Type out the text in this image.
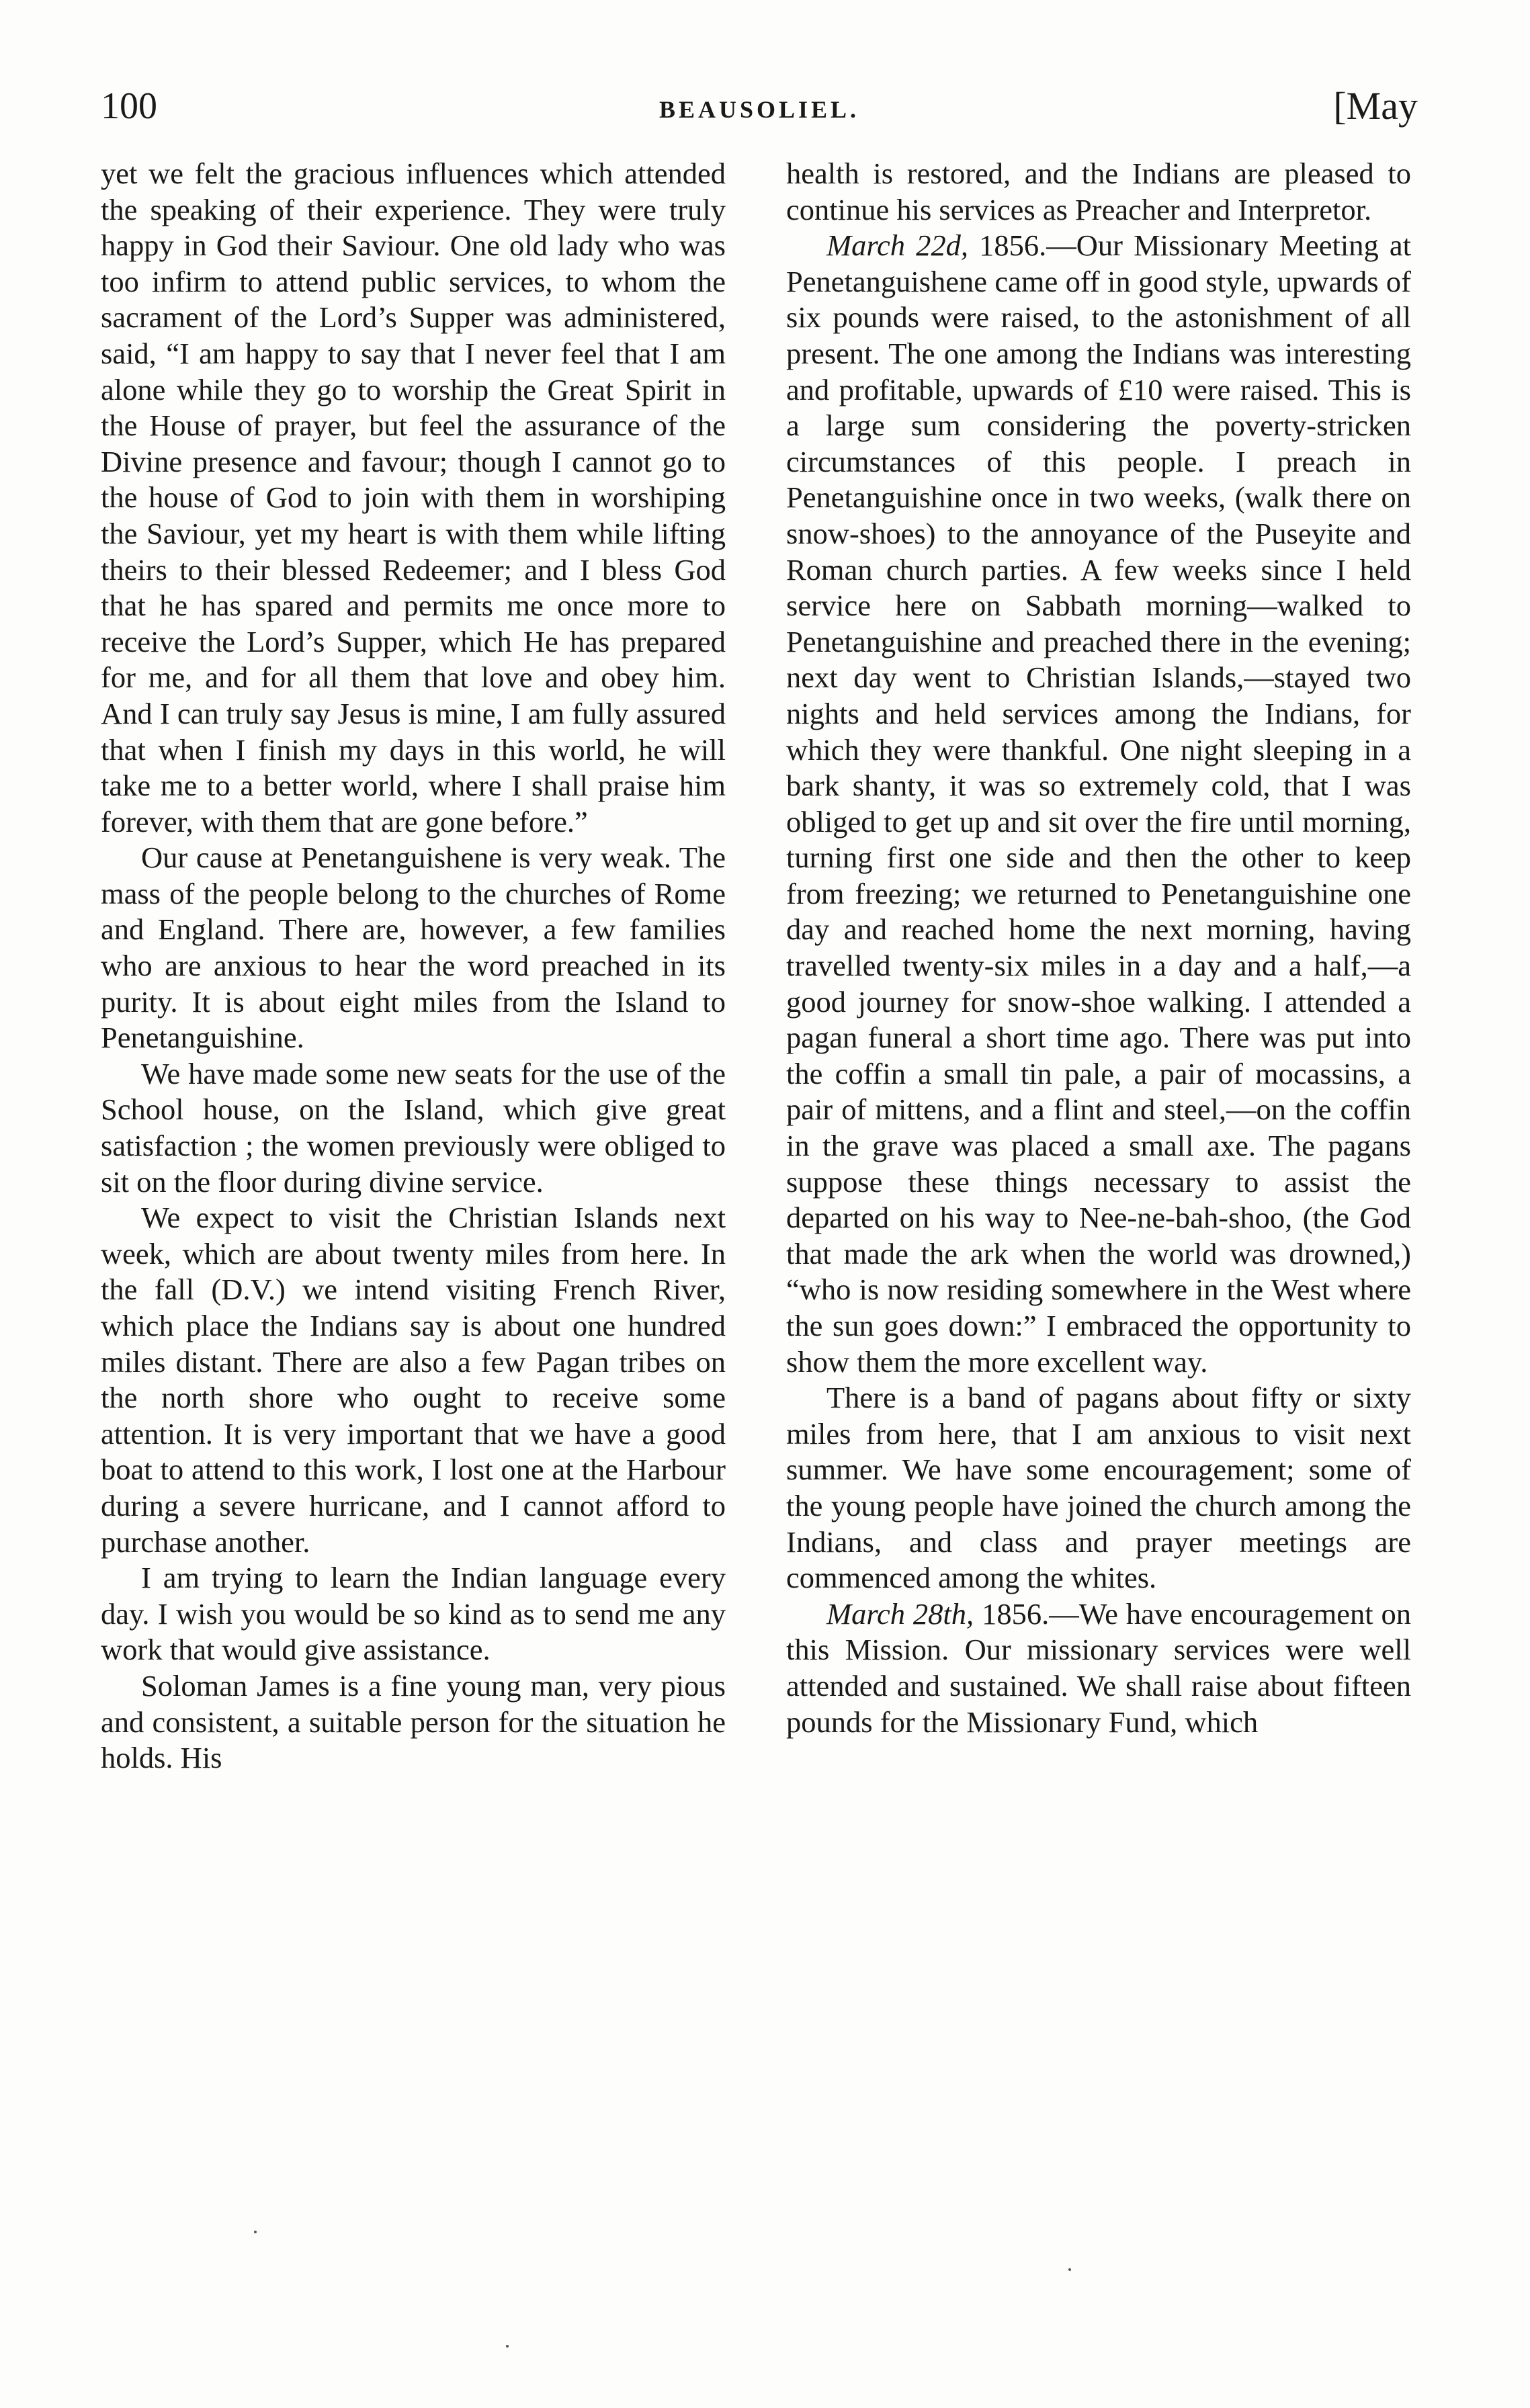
100	BEAUSOLIEL.	[May

yet we felt the gracious influences which attended the speaking of their experience. They were truly happy in God their Saviour. One old lady who was too infirm to attend public services, to whom the sacrament of the Lord’s Supper was administered, said, “I am happy to say that I never feel that I am alone while they go to worship the Great Spirit in the House of prayer, but feel the assurance of the Divine presence and favour; though I cannot go to the house of God to join with them in worshiping the Saviour, yet my heart is with them while lifting theirs to their blessed Redeemer; and I bless God that he has spared and permits me once more to receive the Lord’s Supper, which He has prepared for me, and for all them that love and obey him. And I can truly say Jesus is mine, I am fully assured that when I finish my days in this world, he will take me to a better world, where I shall praise him forever, with them that are gone before.”

Our cause at Penetanguishene is very weak. The mass of the people belong to the churches of Rome and England. There are, however, a few families who are anxious to hear the word preached in its purity. It is about eight miles from the Island to Penetanguishine.

We have made some new seats for the use of the School house, on the Island, which give great satisfaction ; the women previously were obliged to sit on the floor during divine service.

We expect to visit the Christian Islands next week, which are about twenty miles from here. In the fall (D.V.) we intend visiting French River, which place the Indians say is about one hundred miles distant. There are also a few Pagan tribes on the north shore who ought to receive some attention. It is very important that we have a good boat to attend to this work, I lost one at the Harbour during a severe hurricane, and I cannot afford to purchase another.

I am trying to learn the Indian language every day. I wish you would be so kind as to send me any work that would give assistance.

Soloman James is a fine young man, very pious and consistent, a suitable person for the situation he holds. His

health is restored, and the Indians are pleased to continue his services as Preacher and Interpretor.

March 22d, 1856.—Our Missionary Meeting at Penetanguishene came off in good style, upwards of six pounds were raised, to the astonishment of all present. The one among the Indians was interesting and profitable, upwards of £10 were raised. This is a large sum considering the poverty-stricken circumstances of this people. I preach in Penetanguishine once in two weeks, (walk there on snow-shoes) to the annoyance of the Puseyite and Roman church parties. A few weeks since I held service here on Sabbath morning—walked to Penetanguishine and preached there in the evening; next day went to Christian Islands,—stayed two nights and held services among the Indians, for which they were thankful. One night sleeping in a bark shanty, it was so extremely cold, that I was obliged to get up and sit over the fire until morning, turning first one side and then the other to keep from freezing; we returned to Penetanguishine one day and reached home the next morning, having travelled twenty-six miles in a day and a half,—a good journey for snow-shoe walking. I attended a pagan funeral a short time ago. There was put into the coffin a small tin pale, a pair of mocassins, a pair of mittens, and a flint and steel,—on the coffin in the grave was placed a small axe. The pagans suppose these things necessary to assist the departed on his way to Nee-ne-bah-shoo, (the God that made the ark when the world was drowned,) “who is now residing somewhere in the West where the sun goes down:” I embraced the opportunity to show them the more excellent way.

There is a band of pagans about fifty or sixty miles from here, that I am anxious to visit next summer. We have some encouragement; some of the young people have joined the church among the Indians, and class and prayer meetings are commenced among the whites.

March 28th, 1856.—We have encouragement on this Mission. Our missionary services were well attended and sustained. We shall raise about fifteen pounds for the Missionary Fund, which
